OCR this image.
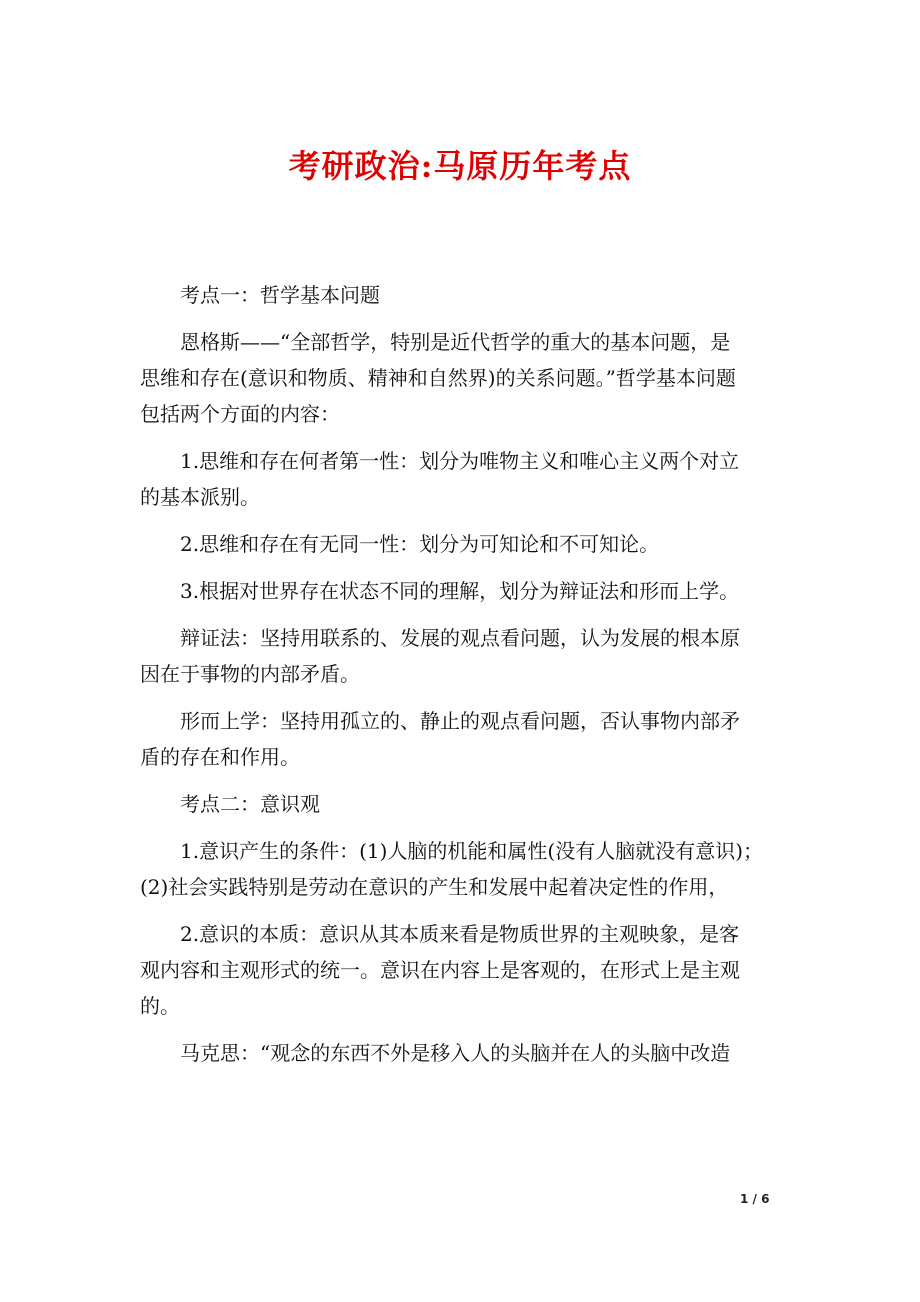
考研政治:马原历年考点

考点一：哲学基本问题

恩格斯——“全部哲学，特别是近代哲学的重大的基本问题，是
思维和存在(意识和物质、精神和自然界)的关系问题。”哲学基本问题
包括两个方面的内容：

1.思维和存在何者第一性：划分为唯物主义和唯心主义两个对立
的基本派别。

2.思维和存在有无同一性：划分为可知论和不可知论。

3.根据对世界存在状态不同的理解，划分为辩证法和形而上学。

辩证法：坚持用联系的、发展的观点看问题，认为发展的根本原
因在于事物的内部矛盾。

形而上学：坚持用孤立的、静止的观点看问题，否认事物内部矛
盾的存在和作用。

考点二：意识观

1.意识产生的条件：(1)人脑的机能和属性(没有人脑就没有意识)；
(2)社会实践特别是劳动在意识的产生和发展中起着决定性的作用，

2.意识的本质：意识从其本质来看是物质世界的主观映象，是客
观内容和主观形式的统一。意识在内容上是客观的，在形式上是主观
的。

马克思：“观念的东西不外是移入人的头脑并在人的头脑中改造

1 / 6
